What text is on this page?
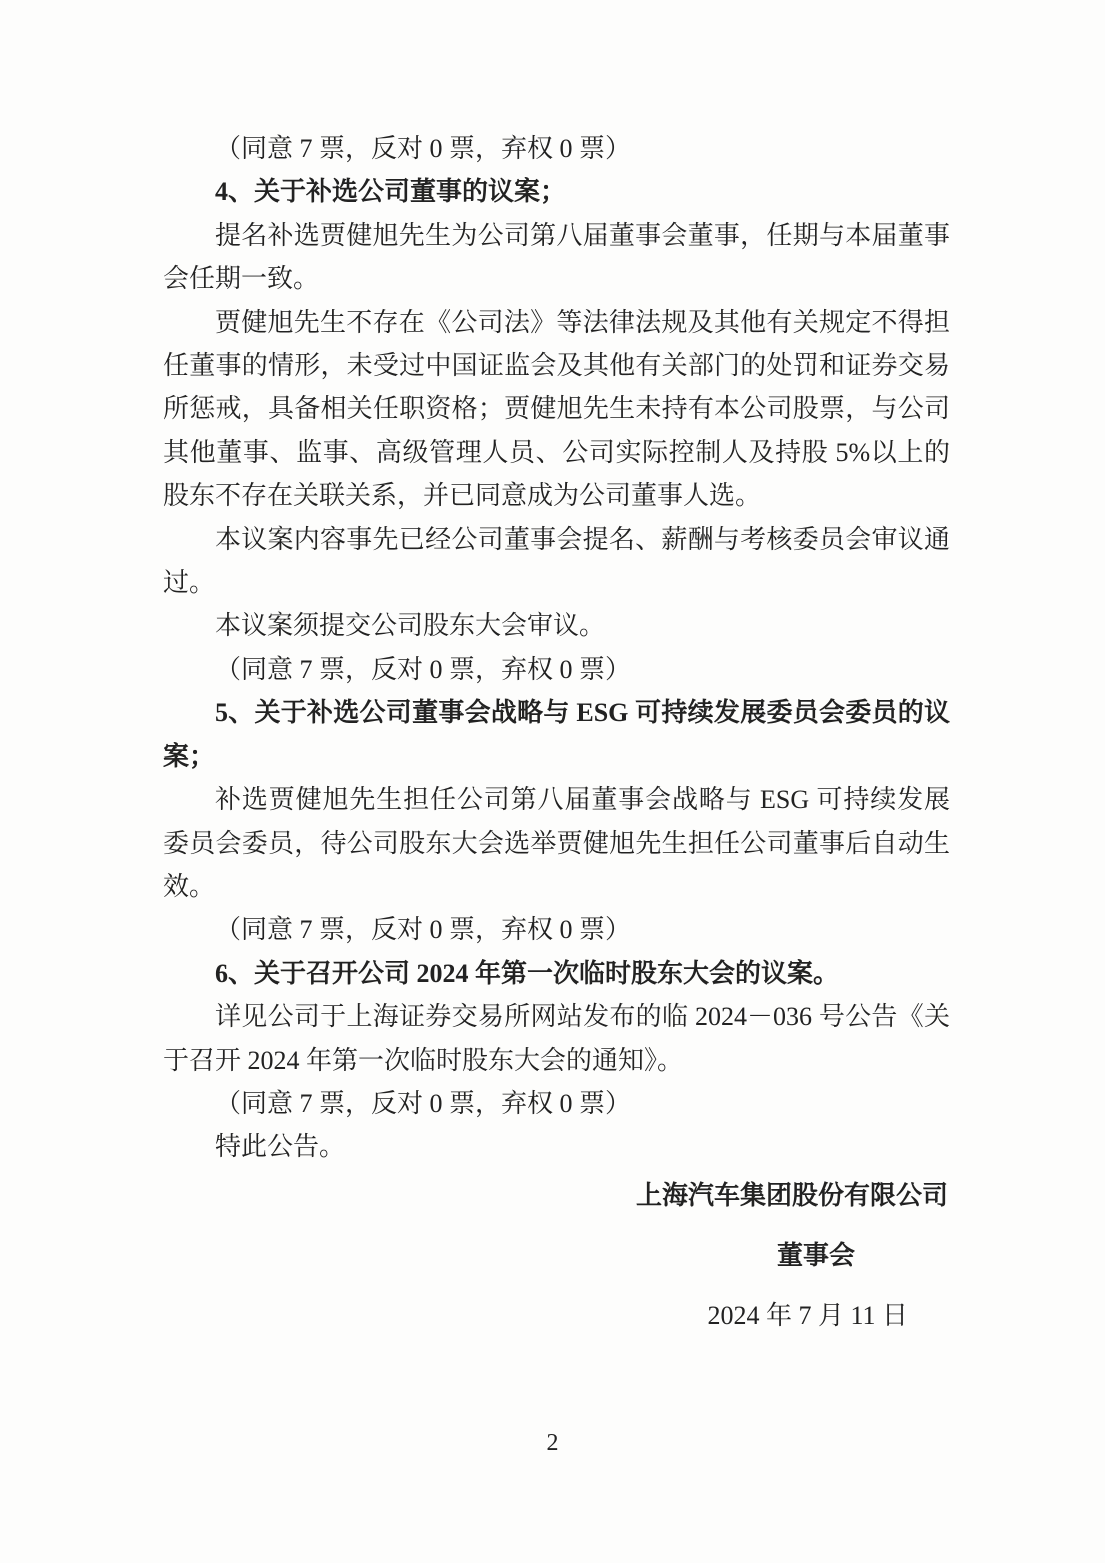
（同意 7 票，反对 0 票，弃权 0 票）

4、关于补选公司董事的议案；

提名补选贾健旭先生为公司第八届董事会董事，任期与本届董事
会任期一致。

贾健旭先生不存在《公司法》等法律法规及其他有关规定不得担
任董事的情形，未受过中国证监会及其他有关部门的处罚和证券交易
所惩戒，具备相关任职资格；贾健旭先生未持有本公司股票，与公司
其他董事、监事、高级管理人员、公司实际控制人及持股 5%以上的
股东不存在关联关系，并已同意成为公司董事人选。

本议案内容事先已经公司董事会提名、薪酬与考核委员会审议通
过。

本议案须提交公司股东大会审议。

（同意 7 票，反对 0 票，弃权 0 票）

5、关于补选公司董事会战略与 ESG 可持续发展委员会委员的议
案；

补选贾健旭先生担任公司第八届董事会战略与 ESG 可持续发展
委员会委员，待公司股东大会选举贾健旭先生担任公司董事后自动生
效。

（同意 7 票，反对 0 票，弃权 0 票）

6、关于召开公司 2024 年第一次临时股东大会的议案。

详见公司于上海证券交易所网站发布的临 2024－036 号公告《关
于召开 2024 年第一次临时股东大会的通知》。

（同意 7 票，反对 0 票，弃权 0 票）

特此公告。

上海汽车集团股份有限公司
董事会
2024 年 7 月 11 日
2
